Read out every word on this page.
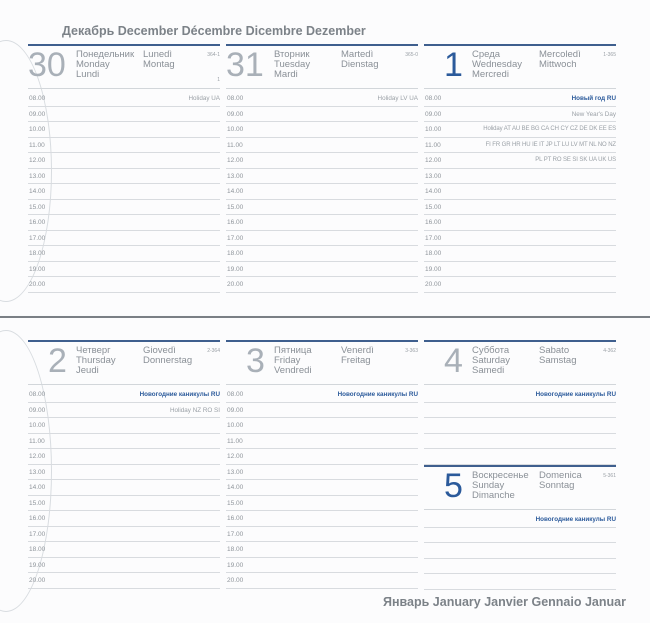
Декабрь December Décembre Dicembre Dezember
Январь January Janvier Gennaio Januar
30 Понедельник
Monday
Lundi
Lunedì
Montag
364-1
1
08.00	Holiday UA
09.00
10.00
11.00
12.00
13.00
14.00
15.00
16.00
17.00
18.00
19.00
20.00
31 Вторник
Tuesday
Mardi
Martedì
Dienstag
365-0
08.00	Holiday LV UA
09.00
10.00
11.00
12.00
13.00
14.00
15.00
16.00
17.00
18.00
19.00
20.00
1 Среда
Wednesday
Mercredi
Mercoledì
Mittwoch
1-365
08.00	Новый год RU
09.00	New Year's Day
10.00	Holiday AT AU BE BG CA CH CY CZ DE DK EE ES
11.00	FI FR GR HR HU IE IT JP LT LU LV MT NL NO NZ
12.00	PL PT RO SE SI SK UA UK US
13.00
14.00
15.00
16.00
17.00
18.00
19.00
20.00
2 Четверг
Thursday
Jeudi
Giovedì
Donnerstag
2-364
08.00	Новогодние каникулы RU
09.00	Holiday NZ RO SI
10.00
11.00
12.00
13.00
14.00
15.00
16.00
17.00
18.00
19.00
20.00
3 Пятница
Friday
Vendredi
Venerdì
Freitag
3-363
08.00	Новогодние каникулы RU
09.00
10.00
11.00
12.00
13.00
14.00
15.00
16.00
17.00
18.00
19.00
20.00
4 Суббота
Saturday
Samedi
Sabato
Samstag
4-362
Новогодние каникулы RU
5 Воскресенье
Sunday
Dimanche
Domenica
Sonntag
5-361
Новогодние каникулы RU
